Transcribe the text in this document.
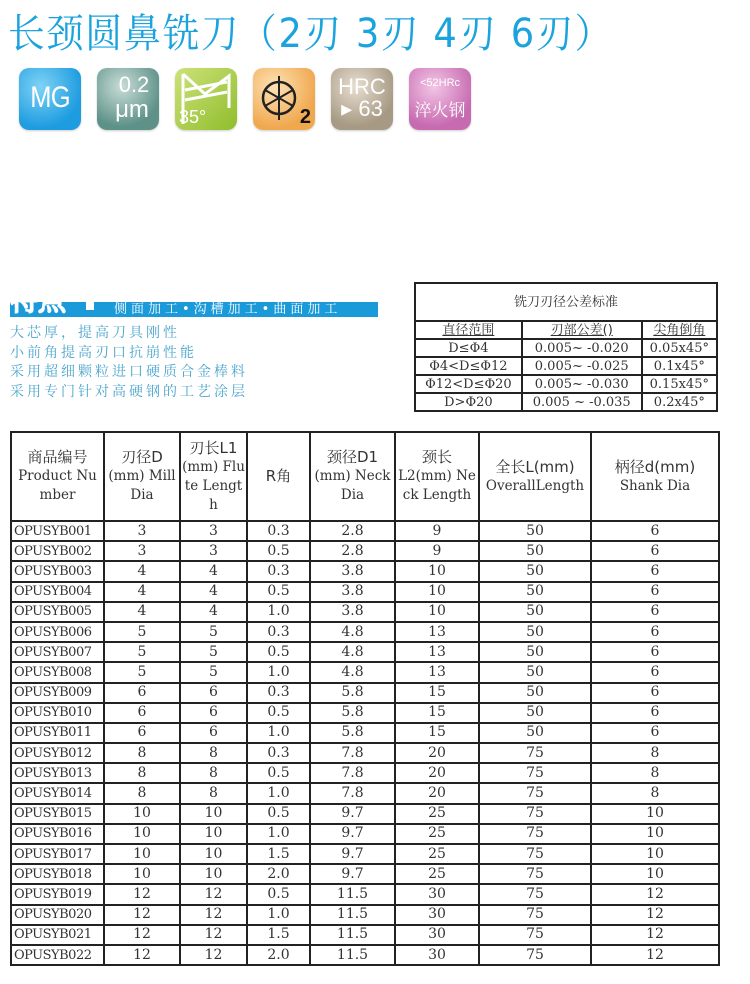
长颈圆鼻铣刀（2刃 3刃 4刃 6刃）
MG	0.2
μm	35°	2
HRC
▸ 63
<52HRc
淬火钢
特点	侧面加工•沟槽加工•曲面加工
大芯厚，提高刀具刚性
小前角提高刃口抗崩性能
采用超细颗粒进口硬质合金棒料
采用专门针对高硬钢的工艺涂层
铣刀刃径公差标准		
直径范围	刃部公差()	尖角倒角
D≤Φ4	0.005~ -0.020	0.05x45°
Φ4<D≤Φ12	0.005~ -0.025	0.1x45°
Φ12<D≤Φ20	0.005~ -0.030	0.15x45°
D>Φ20	0.005 ~ -0.035	0.2x45°
商品编号
Product Number

刃径D
(mm) Mill Dia

刃长L1
(mm) Flute Length

R角

颈径D1
(mm) Neck Dia

颈长
L2(mm) Neck Length

全长L(mm)
OverallLength

柄径d(mm)
Shank Dia

OPUSYB001	3	3	0.3	2.8	9	50	6
OPUSYB002	3	3	0.5	2.8	9	50	6
OPUSYB003	4	4	0.3	3.8	10	50	6
OPUSYB004	4	4	0.5	3.8	10	50	6
OPUSYB005	4	4	1.0	3.8	10	50	6
OPUSYB006	5	5	0.3	4.8	13	50	6
OPUSYB007	5	5	0.5	4.8	13	50	6
OPUSYB008	5	5	1.0	4.8	13	50	6
OPUSYB009	6	6	0.3	5.8	15	50	6
OPUSYB010	6	6	0.5	5.8	15	50	6
OPUSYB011	6	6	1.0	5.8	15	50	6
OPUSYB012	8	8	0.3	7.8	20	75	8
OPUSYB013	8	8	0.5	7.8	20	75	8
OPUSYB014	8	8	1.0	7.8	20	75	8
OPUSYB015	10	10	0.5	9.7	25	75	10
OPUSYB016	10	10	1.0	9.7	25	75	10
OPUSYB017	10	10	1.5	9.7	25	75	10
OPUSYB018	10	10	2.0	9.7	25	75	10
OPUSYB019	12	12	0.5	11.5	30	75	12
OPUSYB020	12	12	1.0	11.5	30	75	12
OPUSYB021	12	12	1.5	11.5	30	75	12
OPUSYB022	12	12	2.0	11.5	30	75	12
